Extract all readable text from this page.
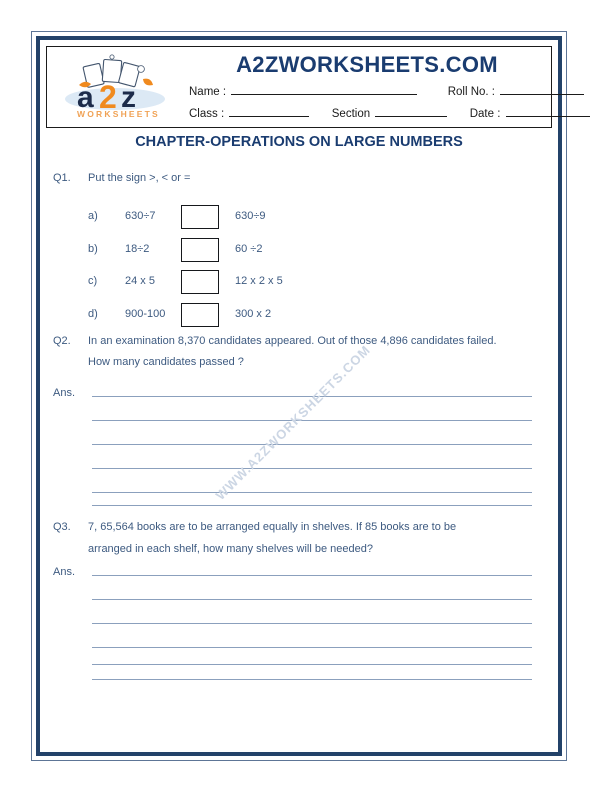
a 2 z
WORKSHEETS
A2ZWORKSHEETS.COM
Name :	Roll No. :
Class :	Section	Date :
CHAPTER-OPERATIONS ON LARGE NUMBERS
Q1. Put the sign >, < or =
a) 630÷7	630÷9
b) 18÷2	60 ÷2
c)	24 x 5	12 x 2 x 5
d) 900-100	300 x 2
Q2. In an examination 8,370 candidates appeared. Out of those 4,896 candidates failed.
How many candidates passed ?
Ans.
Q3. 7, 65,564 books are to be arranged equally in shelves. If 85 books are to be
arranged in each shelf, how many shelves will be needed?
Ans.
WWW.A2ZWORKSHEETS.COM
